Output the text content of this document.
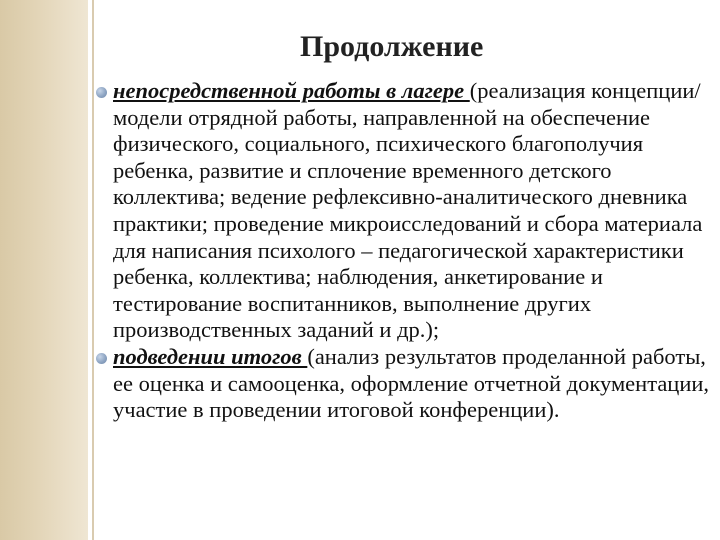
Продолжение

непосредственной работы в лагере (реализация концепции/модели отрядной работы, направленной на обеспечение физического, социального, психического благополучия ребенка, развитие и сплочение временного детского коллектива; ведение рефлексивно-аналитического дневника практики; проведение микроисследований и сбора материала для написания психолого – педагогической характеристики ребенка, коллектива; наблюдения, анкетирование и тестирование воспитанников, выполнение других производственных заданий и др.);

подведении итогов (анализ результатов проделанной работы, ее оценка и самооценка, оформление отчетной документации, участие в проведении итоговой конференции).
